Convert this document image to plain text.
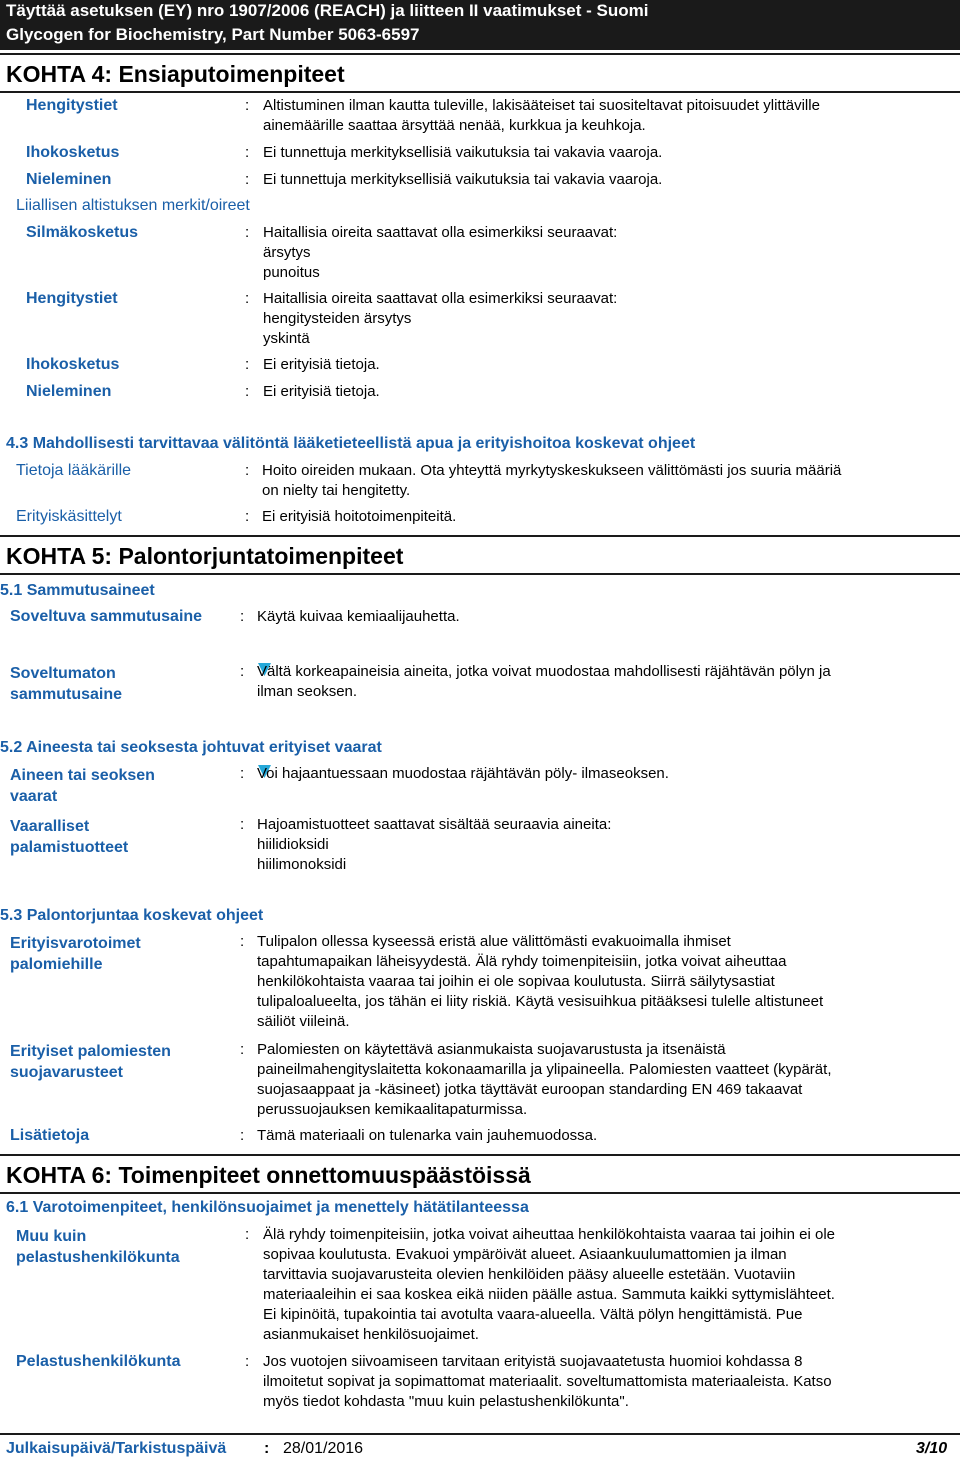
Täyttää asetuksen (EY) nro 1907/2006 (REACH) ja liitteen II vaatimukset - Suomi
Glycogen for Biochemistry, Part Number 5063-6597
KOHTA 4: Ensiaputoimenpiteet
Hengitystiet	: Altistuminen ilman kautta tuleville, lakisääteiset tai suositeltavat pitoisuudet ylittäville
ainemäärille saattaa ärsyttää nenää, kurkkua ja keuhkoja.
Ihokosketus	: Ei tunnettuja merkityksellisiä vaikutuksia tai vakavia vaaroja.
Nieleminen	: Ei tunnettuja merkityksellisiä vaikutuksia tai vakavia vaaroja.
Liiallisen altistuksen merkit/oireet
Silmäkosketus	: Haitallisia oireita saattavat olla esimerkiksi seuraavat:
ärsytys
punoitus
Hengitystiet	: Haitallisia oireita saattavat olla esimerkiksi seuraavat:
hengitysteiden ärsytys
yskintä
Ihokosketus	: Ei erityisiä tietoja.
Nieleminen	: Ei erityisiä tietoja.
4.3 Mahdollisesti tarvittavaa välitöntä lääketieteellistä apua ja erityishoitoa koskevat ohjeet
Tietoja lääkärille	: Hoito oireiden mukaan. Ota yhteyttä myrkytyskeskukseen välittömästi jos suuria määriä
on nielty tai hengitetty.
Erityiskäsittelyt	: Ei erityisiä hoitotoimenpiteitä.
KOHTA 5: Palontorjuntatoimenpiteet
5.1 Sammutusaineet
Soveltuva sammutusaine	: Käytä kuivaa kemiaalijauhetta.
Soveltumaton
sammutusaine
: Vältä korkeapaineisia aineita, jotka voivat muodostaa mahdollisesti räjähtävän pölyn ja
ilman seoksen.
5.2 Aineesta tai seoksesta johtuvat erityiset vaarat
Aineen tai seoksen
vaarat
: Voi hajaantuessaan muodostaa räjähtävän pöly- ilmaseoksen.
Vaaralliset
palamistuotteet
: Hajoamistuotteet saattavat sisältää seuraavia aineita:
hiilidioksidi
hiilimonoksidi
5.3 Palontorjuntaa koskevat ohjeet
Erityisvarotoimet
palomiehille
: Tulipalon ollessa kyseessä eristä alue välittömästi evakuoimalla ihmiset
tapahtumapaikan läheisyydestä. Älä ryhdy toimenpiteisiin, jotka voivat aiheuttaa
henkilökohtaista vaaraa tai joihin ei ole sopivaa koulutusta. Siirrä säilytysastiat
tulipaloalueelta, jos tähän ei liity riskiä. Käytä vesisuihkua pitääksesi tulelle altistuneet
säiliöt viileinä.
Erityiset palomiesten
suojavarusteet
: Palomiesten on käytettävä asianmukaista suojavarustusta ja itsenäistä
paineilmahengityslaitetta kokonaamarilla ja ylipaineella. Palomiesten vaatteet (kypärät,
suojasaappaat ja -käsineet) jotka täyttävät euroopan standarding EN 469 takaavat
perussuojauksen kemikaalitapaturmissa.
Lisätietoja	: Tämä materiaali on tulenarka vain jauhemuodossa.
KOHTA 6: Toimenpiteet onnettomuuspäästöissä
6.1 Varotoimenpiteet, henkilönsuojaimet ja menettely hätätilanteessa
Muu kuin
pelastushenkilökunta
: Älä ryhdy toimenpiteisiin, jotka voivat aiheuttaa henkilökohtaista vaaraa tai joihin ei ole
sopivaa koulutusta. Evakuoi ympäröivät alueet. Asiaankuulumattomien ja ilman
tarvittavia suojavarusteita olevien henkilöiden pääsy alueelle estetään. Vuotaviin
materiaaleihin ei saa koskea eikä niiden päälle astua. Sammuta kaikki syttymislähteet.
Ei kipinöitä, tupakointia tai avotulta vaara-alueella. Vältä pölyn hengittämistä. Pue
asianmukaiset henkilösuojaimet.
Pelastushenkilökunta	: Jos vuotojen siivoamiseen tarvitaan erityistä suojavaatetusta huomioi kohdassa 8
ilmoitetut sopivat ja sopimattomat materiaalit. soveltumattomista materiaaleista. Katso
myös tiedot kohdasta "muu kuin pelastushenkilökunta".
Julkaisupäivä/Tarkistuspäivä : 28/01/2016	3/10
